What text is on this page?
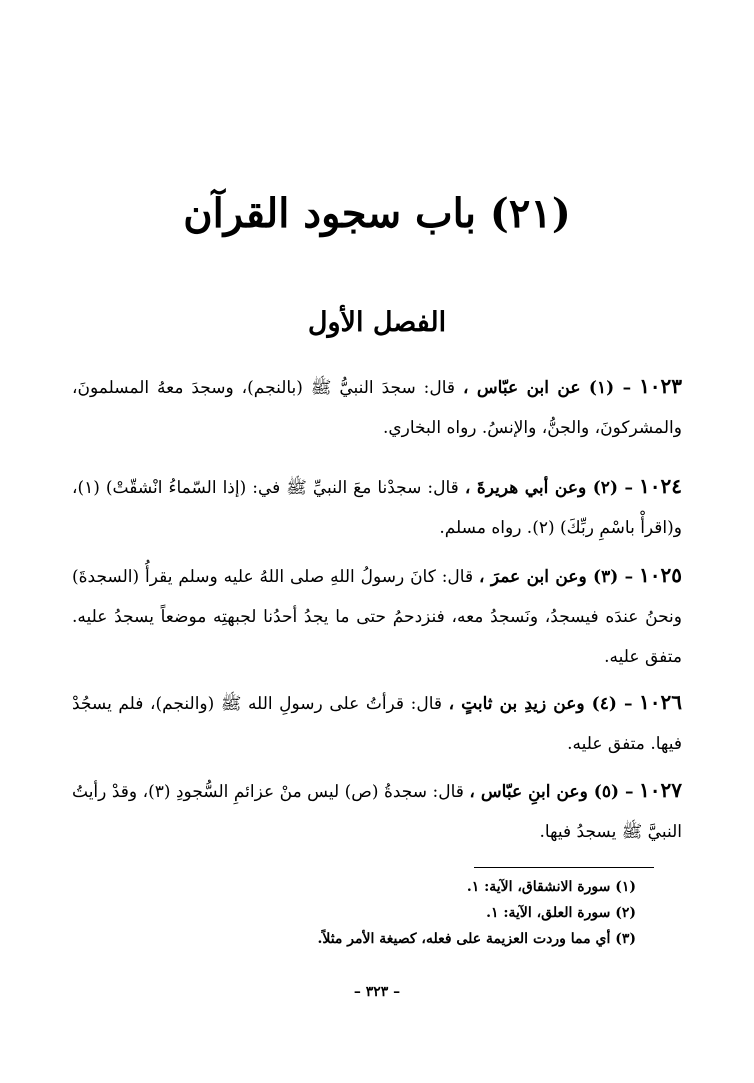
(٢١) باب سجود القرآن
الفصل الأول

١٠٢٣ – (١) عن ابن عبّاس ، قال: سجدَ النبيُّ ﷺ (بالنجم)، وسجدَ معهُ المسلمونَ، والمشركونَ، والجنُّ، والإنسُ. رواه البخاري.

١٠٢٤ – (٢) وعن أبي هريرةَ ، قال: سجدْنا معَ النبيِّ ﷺ في: (إذا السّماءُ انْشقّتْ) (١)، و(اقرأْ باسْمِ ربِّكَ) (٢). رواه مسلم.

١٠٢٥ – (٣) وعن ابن عمرَ ، قال: كانَ رسولُ اللهِ صلى اللهُ عليه وسلم يقرأُ (السجدةَ) ونحنُ عندَه فيسجدُ، ونَسجدُ معه، فنزدحمُ حتى ما يجدُ أحدُنا لجبهتِه موضعاً يسجدُ عليه. متفق عليه.

١٠٢٦ – (٤) وعن زيدِ بن ثابتٍ ، قال: قرأتُ على رسولِ الله ﷺ (والنجم)، فلم يسجُدْ فيها. متفق عليه.

١٠٢٧ – (٥) وعن ابنِ عبّاس ، قال: سجدةُ (ص) ليس منْ عزائمِ السُّجودِ (٣)، وقدْ رأيتُ النبيَّ ﷺ يسجدُ فيها.

(١) سورة الانشقاق، الآية: ١.
(٢) سورة العلق، الآية: ١.
(٣) أي مما وردت العزيمة على فعله، كصيغة الأمر مثلاً.
– ٣٢٣ –
